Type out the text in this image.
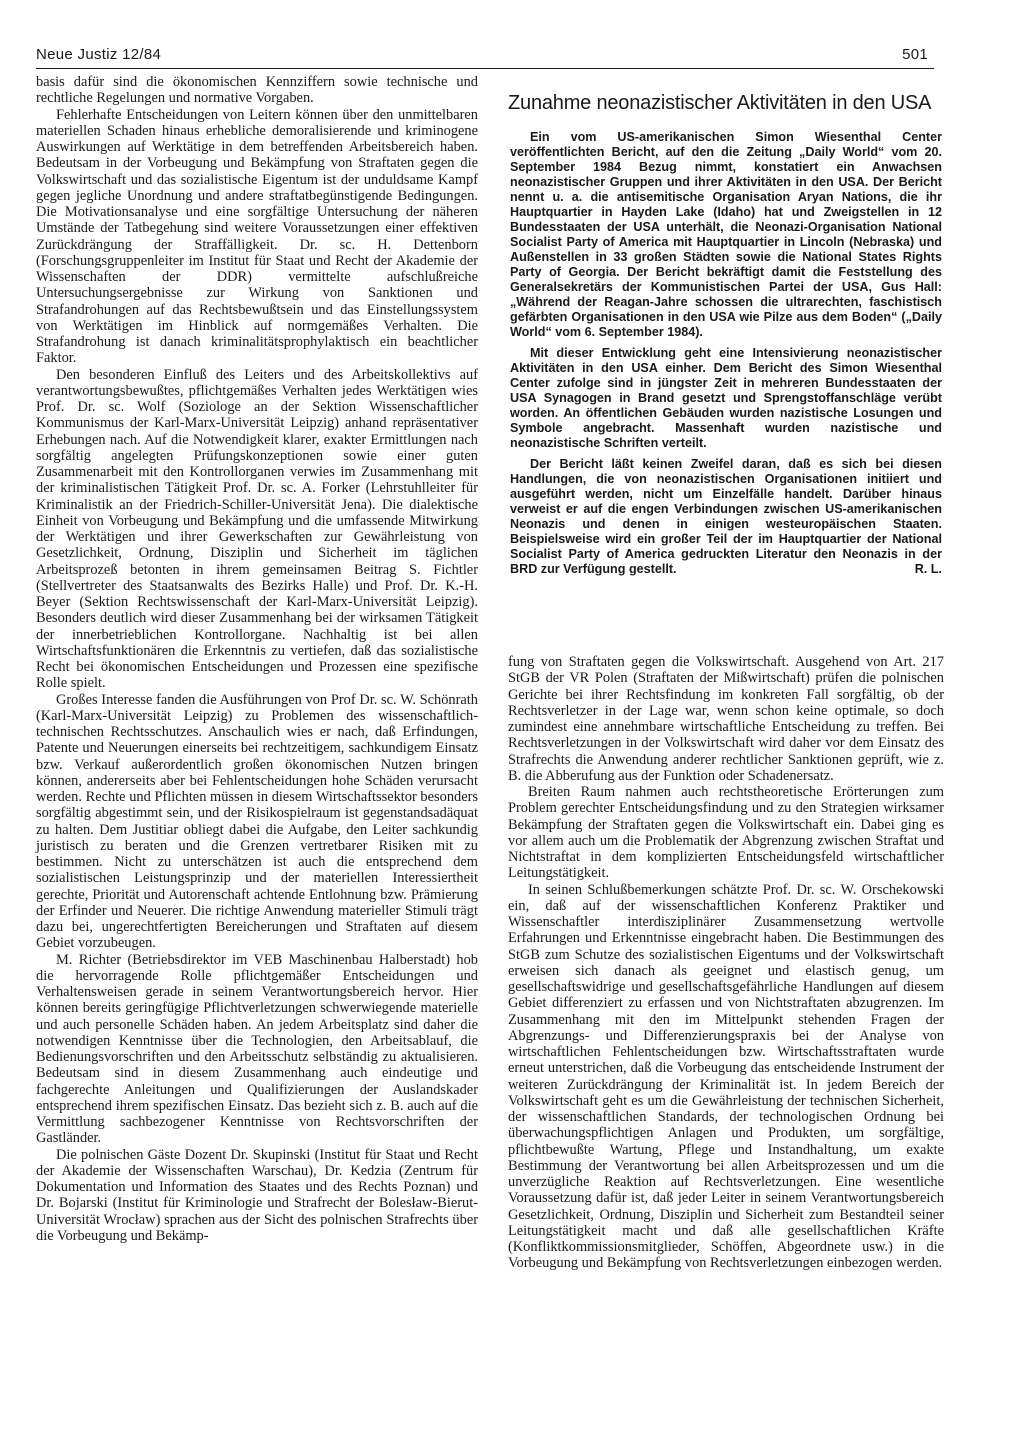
Neue Justiz 12/84	501

basis dafür sind die ökonomischen Kennziffern sowie technische und rechtliche Regelungen und normative Vorgaben.

Fehlerhafte Entscheidungen von Leitern können über den unmittelbaren materiellen Schaden hinaus erhebliche demoralisierende und kriminogene Auswirkungen auf Werktätige in dem betreffenden Arbeitsbereich haben. Bedeutsam in der Vorbeugung und Bekämpfung von Straftaten gegen die Volkswirtschaft und das sozialistische Eigentum ist der unduldsame Kampf gegen jegliche Unordnung und andere straftatbegünstigende Bedingungen. Die Motivationsanalyse und eine sorgfältige Untersuchung der näheren Umstände der Tatbegehung sind weitere Voraussetzungen einer effektiven Zurückdrängung der Straffälligkeit. Dr. sc. H. Dettenborn (Forschungsgruppenleiter im Institut für Staat und Recht der Akademie der Wissenschaften der DDR) vermittelte aufschlußreiche Untersuchungsergebnisse zur Wirkung von Sanktionen und Strafandrohungen auf das Rechtsbewußtsein und das Einstellungssystem von Werktätigen im Hinblick auf normgemäßes Verhalten. Die Strafandrohung ist danach kriminalitätsprophylaktisch ein beachtlicher Faktor.

Den besonderen Einfluß des Leiters und des Arbeitskollektivs auf verantwortungsbewußtes, pflichtgemäßes Verhalten jedes Werktätigen wies Prof. Dr. sc. Wolf (Soziologe an der Sektion Wissenschaftlicher Kommunismus der Karl-Marx-Universität Leipzig) anhand repräsentativer Erhebungen nach. Auf die Notwendigkeit klarer, exakter Ermittlungen nach sorgfältig angelegten Prüfungskonzeptionen sowie einer guten Zusammenarbeit mit den Kontrollorganen verwies im Zusammenhang mit der kriminalistischen Tätigkeit Prof. Dr. sc. A. Forker (Lehrstuhlleiter für Kriminalistik an der Friedrich-Schiller-Universität Jena). Die dialektische Einheit von Vorbeugung und Bekämpfung und die umfassende Mitwirkung der Werktätigen und ihrer Gewerkschaften zur Gewährleistung von Gesetzlichkeit, Ordnung, Disziplin und Sicherheit im täglichen Arbeitsprozeß betonten in ihrem gemeinsamen Beitrag S. Fichtler (Stellvertreter des Staatsanwalts des Bezirks Halle) und Prof. Dr. K.-H. Beyer (Sektion Rechtswissenschaft der Karl-Marx-Universität Leipzig). Besonders deutlich wird dieser Zusammenhang bei der wirksamen Tätigkeit der innerbetrieblichen Kontrollorgane. Nachhaltig ist bei allen Wirtschaftsfunktionären die Erkenntnis zu vertiefen, daß das sozialistische Recht bei ökonomischen Entscheidungen und Prozessen eine spezifische Rolle spielt.

Großes Interesse fanden die Ausführungen von Prof Dr. sc. W. Schönrath (Karl-Marx-Universität Leipzig) zu Problemen des wissenschaftlich-technischen Rechtsschutzes. Anschaulich wies er nach, daß Erfindungen, Patente und Neuerungen einerseits bei rechtzeitigem, sachkundigem Einsatz bzw. Verkauf außerordentlich großen ökonomischen Nutzen bringen können, andererseits aber bei Fehlentscheidungen hohe Schäden verursacht werden. Rechte und Pflichten müssen in diesem Wirtschaftssektor besonders sorgfältig abgestimmt sein, und der Risikospielraum ist gegenstandsadäquat zu halten. Dem Justitiar obliegt dabei die Aufgabe, den Leiter sachkundig juristisch zu beraten und die Grenzen vertretbarer Risiken mit zu bestimmen. Nicht zu unterschätzen ist auch die entsprechend dem sozialistischen Leistungsprinzip und der materiellen Interessiertheit gerechte, Priorität und Autorenschaft achtende Entlohnung bzw. Prämierung der Erfinder und Neuerer. Die richtige Anwendung materieller Stimuli trägt dazu bei, ungerechtfertigten Bereicherungen und Straftaten auf diesem Gebiet vorzubeugen.

M. Richter (Betriebsdirektor im VEB Maschinenbau Halberstadt) hob die hervorragende Rolle pflichtgemäßer Entscheidungen und Verhaltensweisen gerade in seinem Verantwortungsbereich hervor. Hier können bereits geringfügige Pflichtverletzungen schwerwiegende materielle und auch personelle Schäden haben. An jedem Arbeitsplatz sind daher die notwendigen Kenntnisse über die Technologien, den Arbeitsablauf, die Bedienungsvorschriften und den Arbeitsschutz selbständig zu aktualisieren. Bedeutsam sind in diesem Zusammenhang auch eindeutige und fachgerechte Anleitungen und Qualifizierungen der Auslandskader entsprechend ihrem spezifischen Einsatz. Das bezieht sich z. B. auch auf die Vermittlung sachbezogener Kenntnisse von Rechtsvorschriften der Gastländer.

Die polnischen Gäste Dozent Dr. Skupinski (Institut für Staat und Recht der Akademie der Wissenschaften Warschau), Dr. Kedzia (Zentrum für Dokumentation und Information des Staates und des Rechts Poznan) und Dr. Bojarski (Institut für Kriminologie und Strafrecht der Bolesław-Bierut-Universität Wrocław) sprachen aus der Sicht des polnischen Strafrechts über die Vorbeugung und Bekämp-

Zunahme neonazistischer Aktivitäten in den USA

Ein vom US-amerikanischen Simon Wiesenthal Center veröffentlichten Bericht, auf den die Zeitung „Daily World“ vom 20. September 1984 Bezug nimmt, konstatiert ein Anwachsen neonazistischer Gruppen und ihrer Aktivitäten in den USA. Der Bericht nennt u. a. die antisemitische Organisation Aryan Nations, die ihr Hauptquartier in Hayden Lake (Idaho) hat und Zweigstellen in 12 Bundesstaaten der USA unterhält, die Neonazi-Organisation National Socialist Party of America mit Hauptquartier in Lincoln (Nebraska) und Außenstellen in 33 großen Städten sowie die National States Rights Party of Georgia. Der Bericht bekräftigt damit die Feststellung des Generalsekretärs der Kommunistischen Partei der USA, Gus Hall: „Während der Reagan-Jahre schossen die ultrarechten, faschistisch gefärbten Organisationen in den USA wie Pilze aus dem Boden“ („Daily World“ vom 6. September 1984).

Mit dieser Entwicklung geht eine Intensivierung neonazistischer Aktivitäten in den USA einher. Dem Bericht des Simon Wiesenthal Center zufolge sind in jüngster Zeit in mehreren Bundesstaaten der USA Synagogen in Brand gesetzt und Sprengstoffanschläge verübt worden. An öffentlichen Gebäuden wurden nazistische Losungen und Symbole angebracht. Massenhaft wurden nazistische und neonazistische Schriften verteilt.

Der Bericht läßt keinen Zweifel daran, daß es sich bei diesen Handlungen, die von neonazistischen Organisationen initiiert und ausgeführt werden, nicht um Einzelfälle handelt. Darüber hinaus verweist er auf die engen Verbindungen zwischen US-amerikanischen Neonazis und denen in einigen westeuropäischen Staaten. Beispielsweise wird ein großer Teil der im Hauptquartier der National Socialist Party of America gedruckten Literatur den Neonazis in der BRD zur Verfügung gestellt.	R. L.

fung von Straftaten gegen die Volkswirtschaft. Ausgehend von Art. 217 StGB der VR Polen (Straftaten der Mißwirtschaft) prüfen die polnischen Gerichte bei ihrer Rechtsfindung im konkreten Fall sorgfältig, ob der Rechtsverletzer in der Lage war, wenn schon keine optimale, so doch zumindest eine annehmbare wirtschaftliche Entscheidung zu treffen. Bei Rechtsverletzungen in der Volkswirtschaft wird daher vor dem Einsatz des Strafrechts die Anwendung anderer rechtlicher Sanktionen geprüft, wie z. B. die Abberufung aus der Funktion oder Schadenersatz.

Breiten Raum nahmen auch rechtstheoretische Erörterungen zum Problem gerechter Entscheidungsfindung und zu den Strategien wirksamer Bekämpfung der Straftaten gegen die Volkswirtschaft ein. Dabei ging es vor allem auch um die Problematik der Abgrenzung zwischen Straftat und Nichtstraftat in dem komplizierten Entscheidungsfeld wirtschaftlicher Leitungstätigkeit.

In seinen Schlußbemerkungen schätzte Prof. Dr. sc. W. Orschekowski ein, daß auf der wissenschaftlichen Konferenz Praktiker und Wissenschaftler interdisziplinärer Zusammensetzung wertvolle Erfahrungen und Erkenntnisse eingebracht haben. Die Bestimmungen des StGB zum Schutze des sozialistischen Eigentums und der Volkswirtschaft erweisen sich danach als geeignet und elastisch genug, um gesellschaftswidrige und gesellschaftsgefährliche Handlungen auf diesem Gebiet differenziert zu erfassen und von Nichtstraftaten abzugrenzen. Im Zusammenhang mit den im Mittelpunkt stehenden Fragen der Abgrenzungs- und Differenzierungspraxis bei der Analyse von wirtschaftlichen Fehlentscheidungen bzw. Wirtschaftsstraftaten wurde erneut unterstrichen, daß die Vorbeugung das entscheidende Instrument der weiteren Zurückdrängung der Kriminalität ist. In jedem Bereich der Volkswirtschaft geht es um die Gewährleistung der technischen Sicherheit, der wissenschaftlichen Standards, der technologischen Ordnung bei überwachungspflichtigen Anlagen und Produkten, um sorgfältige, pflichtbewußte Wartung, Pflege und Instandhaltung, um exakte Bestimmung der Verantwortung bei allen Arbeitsprozessen und um die unverzügliche Reaktion auf Rechtsverletzungen. Eine wesentliche Voraussetzung dafür ist, daß jeder Leiter in seinem Verantwortungsbereich Gesetzlichkeit, Ordnung, Disziplin und Sicherheit zum Bestandteil seiner Leitungstätigkeit macht und daß alle gesellschaftlichen Kräfte (Konfliktkommissionsmitglieder, Schöffen, Abgeordnete usw.) in die Vorbeugung und Bekämpfung von Rechtsverletzungen einbezogen werden.
